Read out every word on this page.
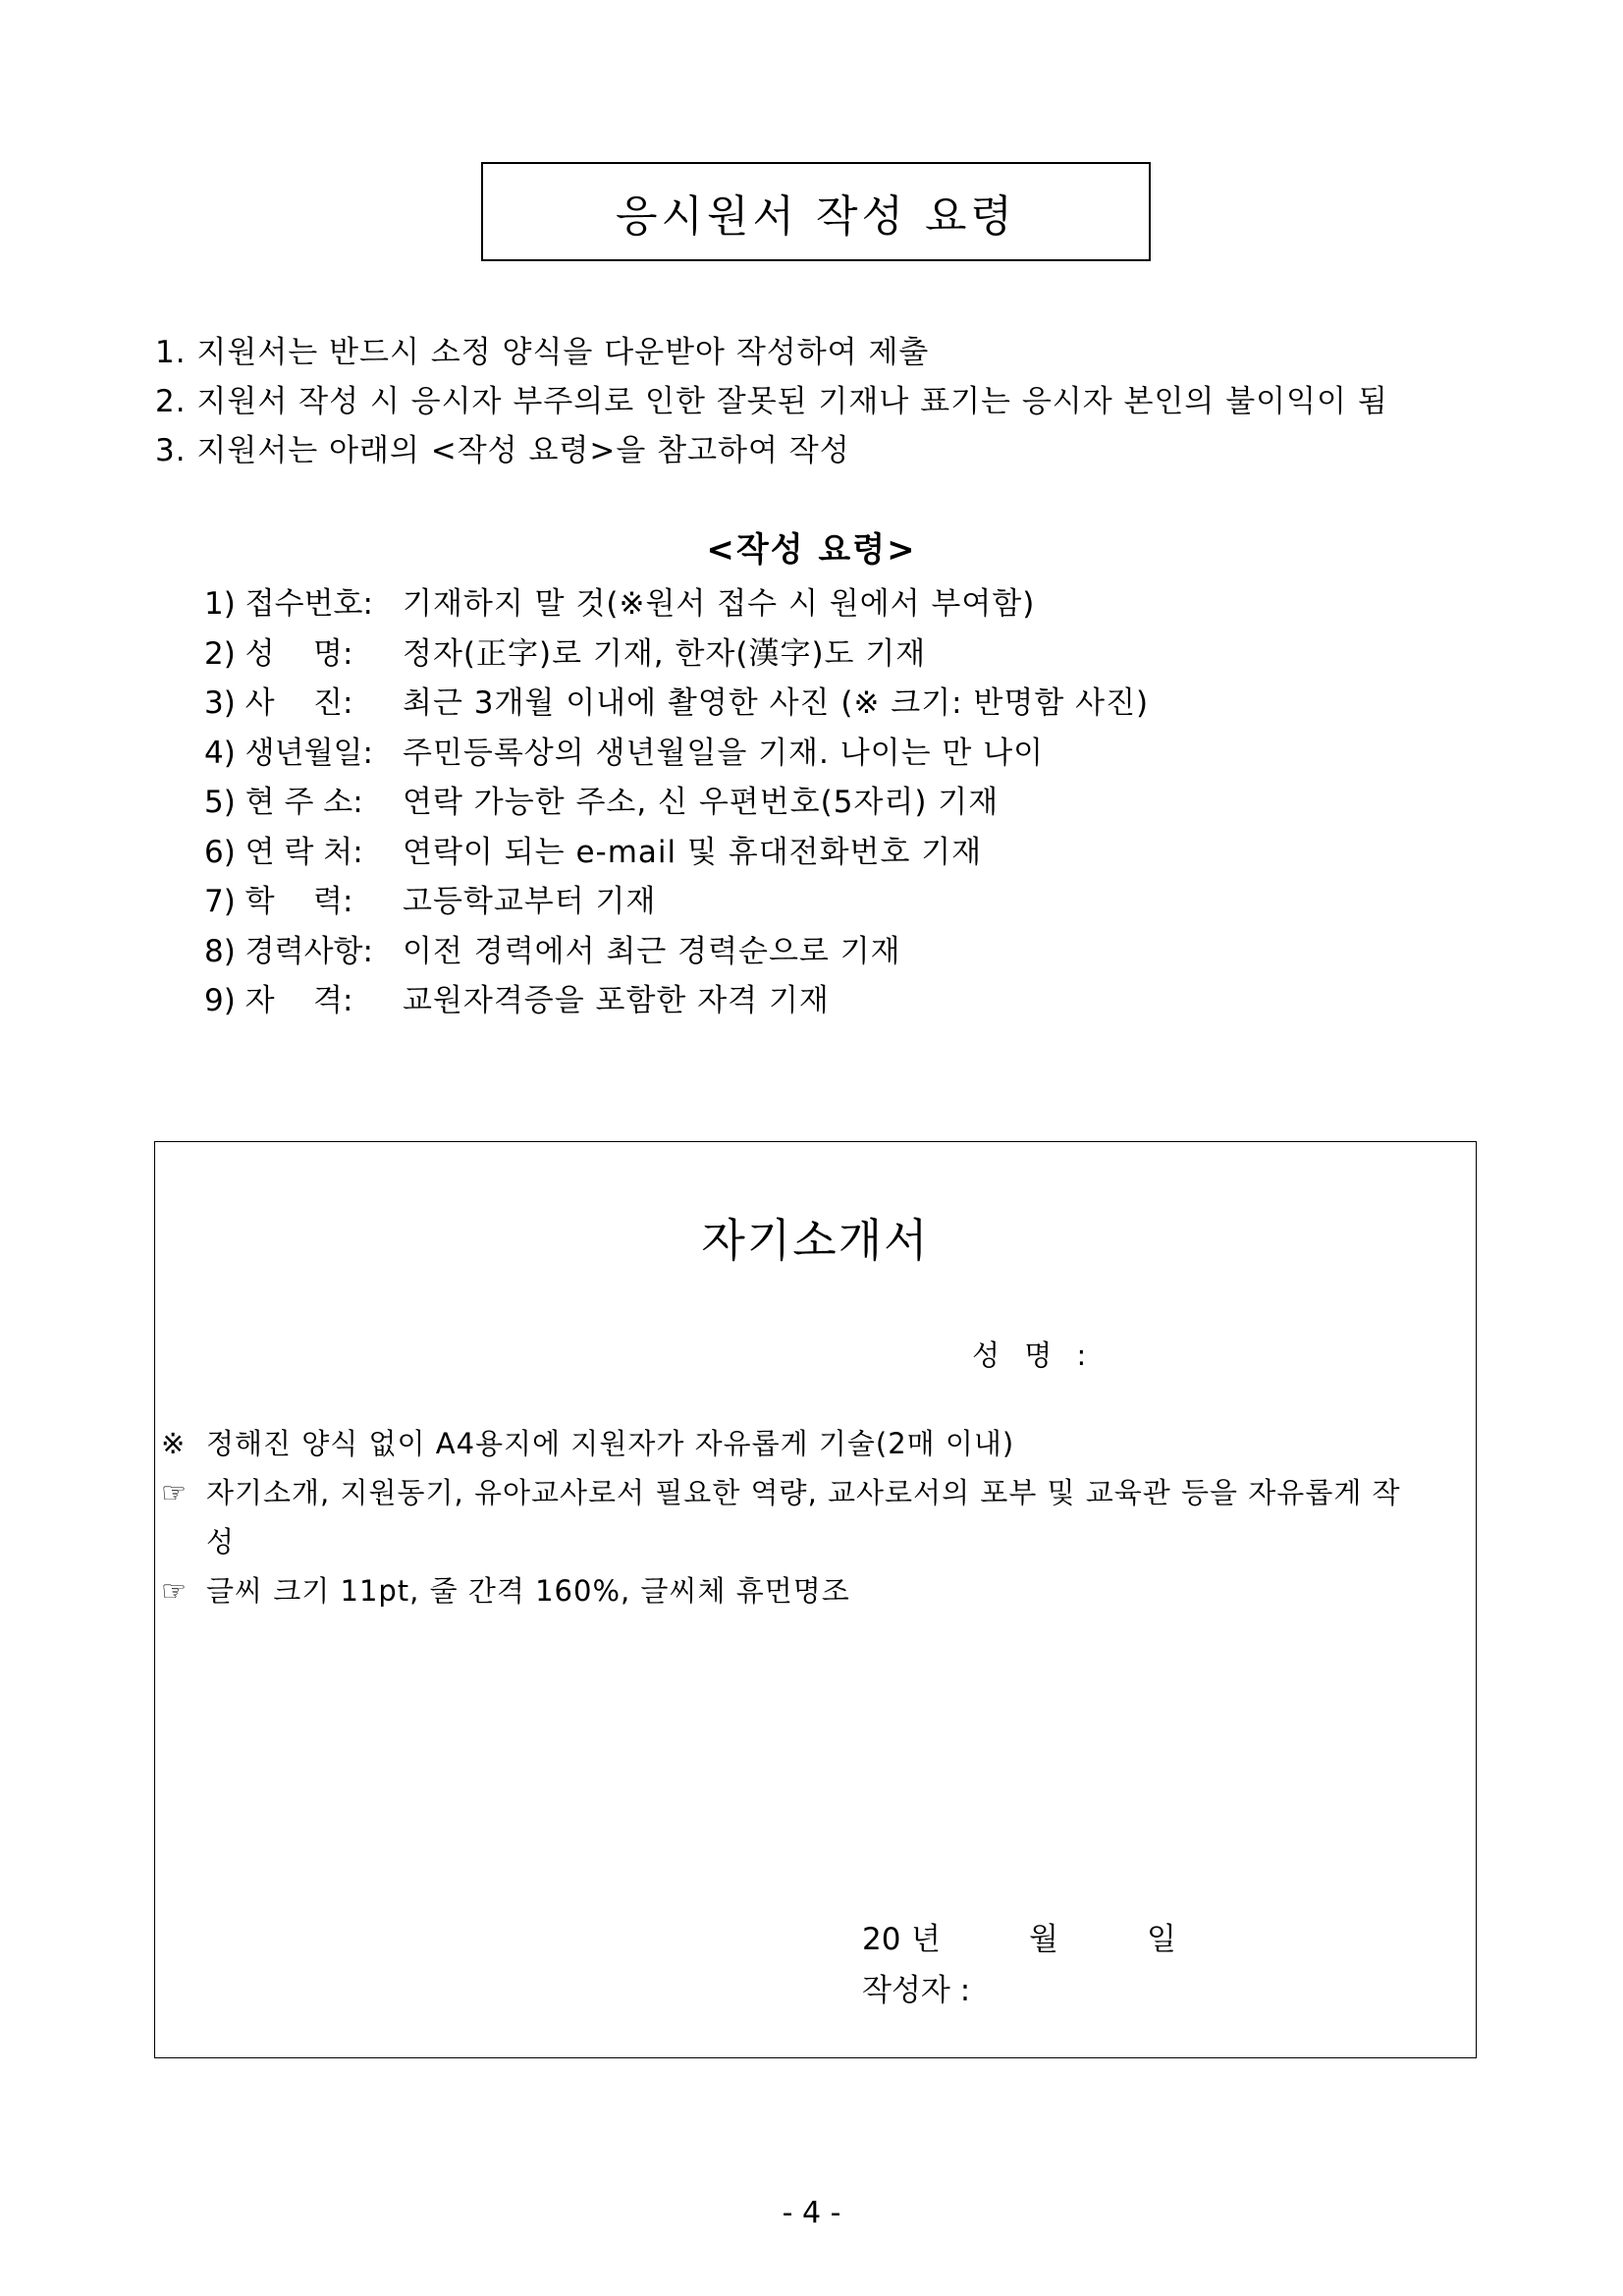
응시원서 작성 요령
1. 지원서는 반드시 소정 양식을 다운받아 작성하여 제출
2. 지원서 작성 시 응시자 부주의로 인한 잘못된 기재나 표기는 응시자 본인의 불이익이 됨
3. 지원서는 아래의 <작성 요령>을 참고하여 작성
<작성 요령>
1) 접수번호: 기재하지 말 것(※원서 접수 시 원에서 부여함)
2) 성    명:	정자(正字)로 기재, 한자(漢字)도 기재
3) 사    진:	최근 3개월 이내에 촬영한 사진 (※ 크기: 반명함 사진)
4) 생년월일: 주민등록상의 생년월일을 기재. 나이는 만 나이
5) 현 주 소:	연락 가능한 주소, 신 우편번호(5자리) 기재
6) 연 락 처:	연락이 되는 e-mail 및 휴대전화번호 기재
7) 학    력:	고등학교부터 기재
8) 경력사항: 이전 경력에서 최근 경력순으로 기재
9) 자    격:	교원자격증을 포함한 자격 기재
자기소개서
성 명 :
※ 정해진 양식 없이 A4용지에 지원자가 자유롭게 기술(2매 이내)
☞ 자기소개, 지원동기, 유아교사로서 필요한 역량, 교사로서의 포부 및 교육관 등을 자유롭게 작성
☞ 글씨 크기 11pt, 줄 간격 160%, 글씨체 휴먼명조
20 년	월	일
작성자 :
- 4 -
